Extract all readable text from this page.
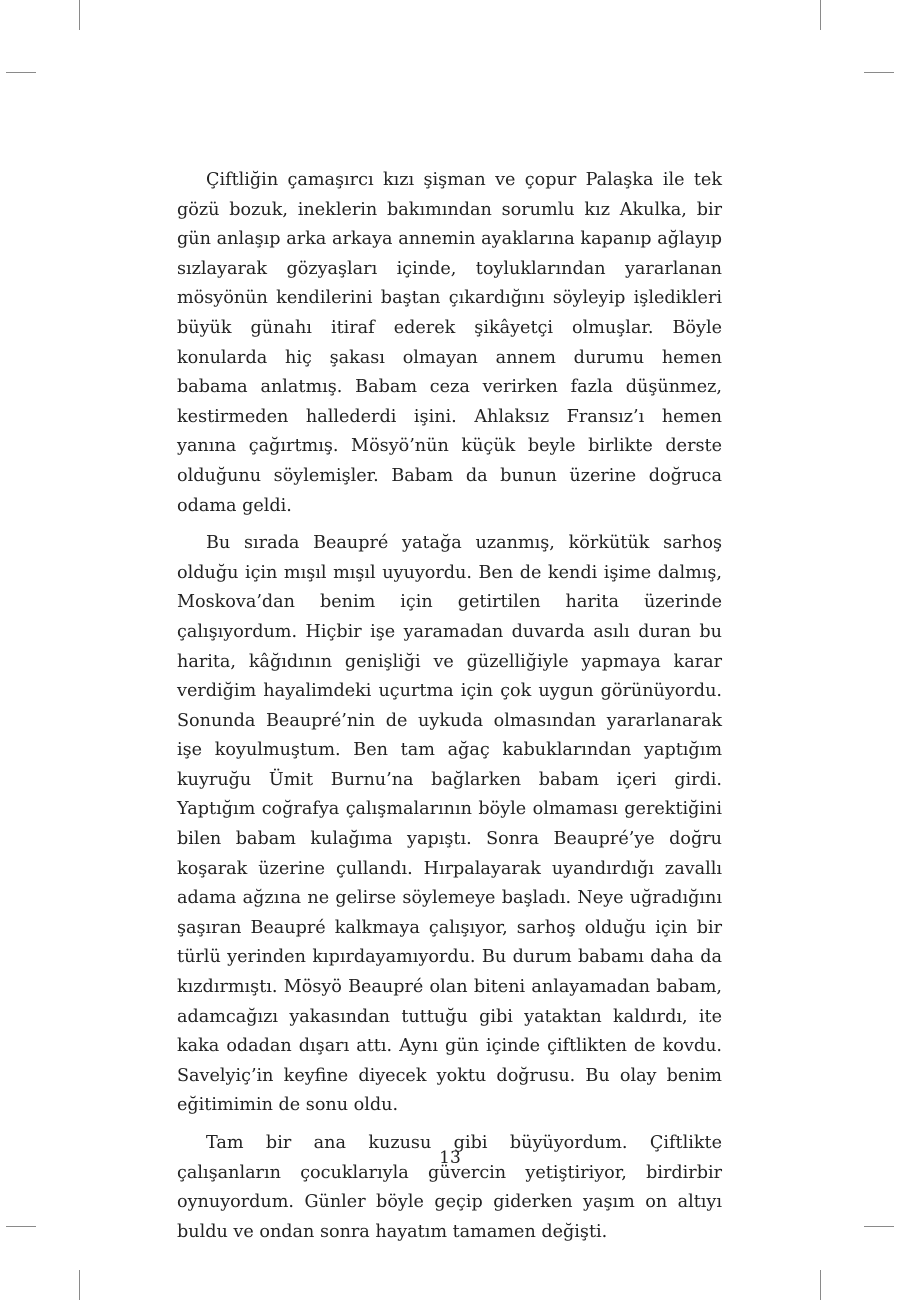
Çiftliğin çamaşırcı kızı şişman ve çopur Palaşka ile tek gözü bozuk, ineklerin bakımından sorumlu kız Akulka, bir gün anlaşıp arka arkaya annemin ayaklarına kapanıp ağlayıp sızlayarak gözyaşları içinde, toyluklarından yararlanan mösyönün kendilerini baştan çıkardığını söyleyip işledikleri büyük günahı itiraf ederek şikâyetçi olmuşlar. Böyle konularda hiç şakası olmayan annem durumu hemen babama anlatmış. Babam ceza verirken fazla düşünmez, kestirmeden hallederdi işini. Ahlaksız Fransız’ı hemen yanına çağırtmış. Mösyö’nün küçük beyle birlikte derste olduğunu söylemişler. Babam da bunun üzerine doğruca odama geldi.

Bu sırada Beaupré yatağa uzanmış, körkütük sarhoş olduğu için mışıl mışıl uyuyordu. Ben de kendi işime dalmış, Moskova’dan benim için getirtilen harita üzerinde çalışıyordum. Hiçbir işe yaramadan duvarda asılı duran bu harita, kâğıdının genişliği ve güzelliğiyle yapmaya karar verdiğim hayalimdeki uçurtma için çok uygun görünüyordu. Sonunda Beaupré’nin de uykuda olmasından yararlanarak işe koyulmuştum. Ben tam ağaç kabuklarından yaptığım kuyruğu Ümit Burnu’na bağlarken babam içeri girdi. Yaptığım coğrafya çalışmalarının böyle olmaması gerektiğini bilen babam kulağıma yapıştı. Sonra Beaupré’ye doğru koşarak üzerine çullandı. Hırpalayarak uyandırdığı zavallı adama ağzına ne gelirse söylemeye başladı. Neye uğradığını şaşıran Beaupré kalkmaya çalışıyor, sarhoş olduğu için bir türlü yerinden kıpırdayamıyordu. Bu durum babamı daha da kızdırmıştı. Mösyö Beaupré olan biteni anlayamadan babam, adamcağızı yakasından tuttuğu gibi yataktan kaldırdı, ite kaka odadan dışarı attı. Aynı gün içinde çiftlikten de kovdu. Savelyiç’in keyfine diyecek yoktu doğrusu. Bu olay benim eğitimimin de sonu oldu.

Tam bir ana kuzusu gibi büyüyordum. Çiftlikte çalışanların çocuklarıyla güvercin yetiştiriyor, birdirbir oynuyordum. Günler böyle geçip giderken yaşım on altıyı buldu ve ondan sonra hayatım tamamen değişti.

13
